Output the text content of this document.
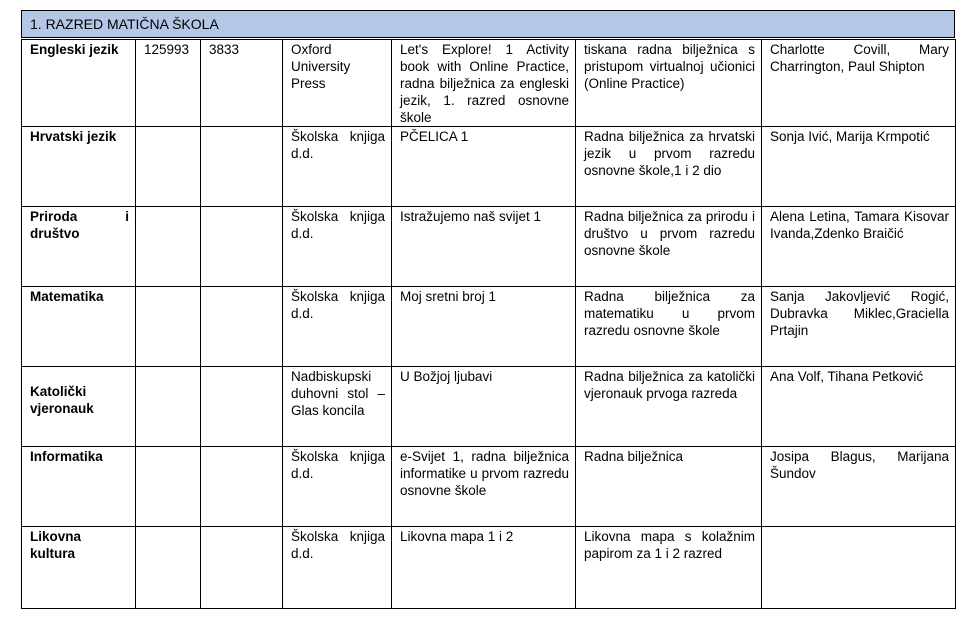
1. RAZRED MATIČNA ŠKOLA
Engleski jezik	125993	3833	Oxford University Press	Let's Explore! 1 Activity book with Online Practice, radna bilježnica za engleski jezik, 1. razred osnovne škole	tiskana radna bilježnica s pristupom virtualnoj učionici (Online Practice)	Charlotte Covill, Mary Charrington, Paul Shipton
Hrvatski jezik			Školska knjiga d.d.	PČELICA 1	Radna bilježnica za hrvatski jezik u prvom razredu osnovne škole,1 i 2 dio	Sonja Ivić, Marija Krmpotić
Priroda i društvo			Školska knjiga d.d.	Istražujemo naš svijet 1	Radna bilježnica za prirodu i društvo u prvom razredu osnovne škole	Alena Letina, Tamara Kisovar Ivanda,Zdenko Braičić
Matematika			Školska knjiga d.d.	Moj sretni broj 1	Radna bilježnica za matematiku u prvom razredu osnovne škole	Sanja Jakovljević Rogić, Dubravka Miklec,Graciella Prtajin
Katolički vjeronauk			Nadbiskupski duhovni stol – Glas koncila	U Božjoj ljubavi	Radna bilježnica za katolički vjeronauk prvoga razreda	Ana Volf, Tihana Petković
Informatika			Školska knjiga d.d.	e-Svijet 1, radna bilježnica informatike u prvom razredu osnovne škole	Radna bilježnica	Josipa Blagus, Marijana Šundov
Likovna kultura			Školska knjiga d.d.	Likovna mapa 1 i 2	Likovna mapa s kolažnim papirom za 1 i 2 razred	
